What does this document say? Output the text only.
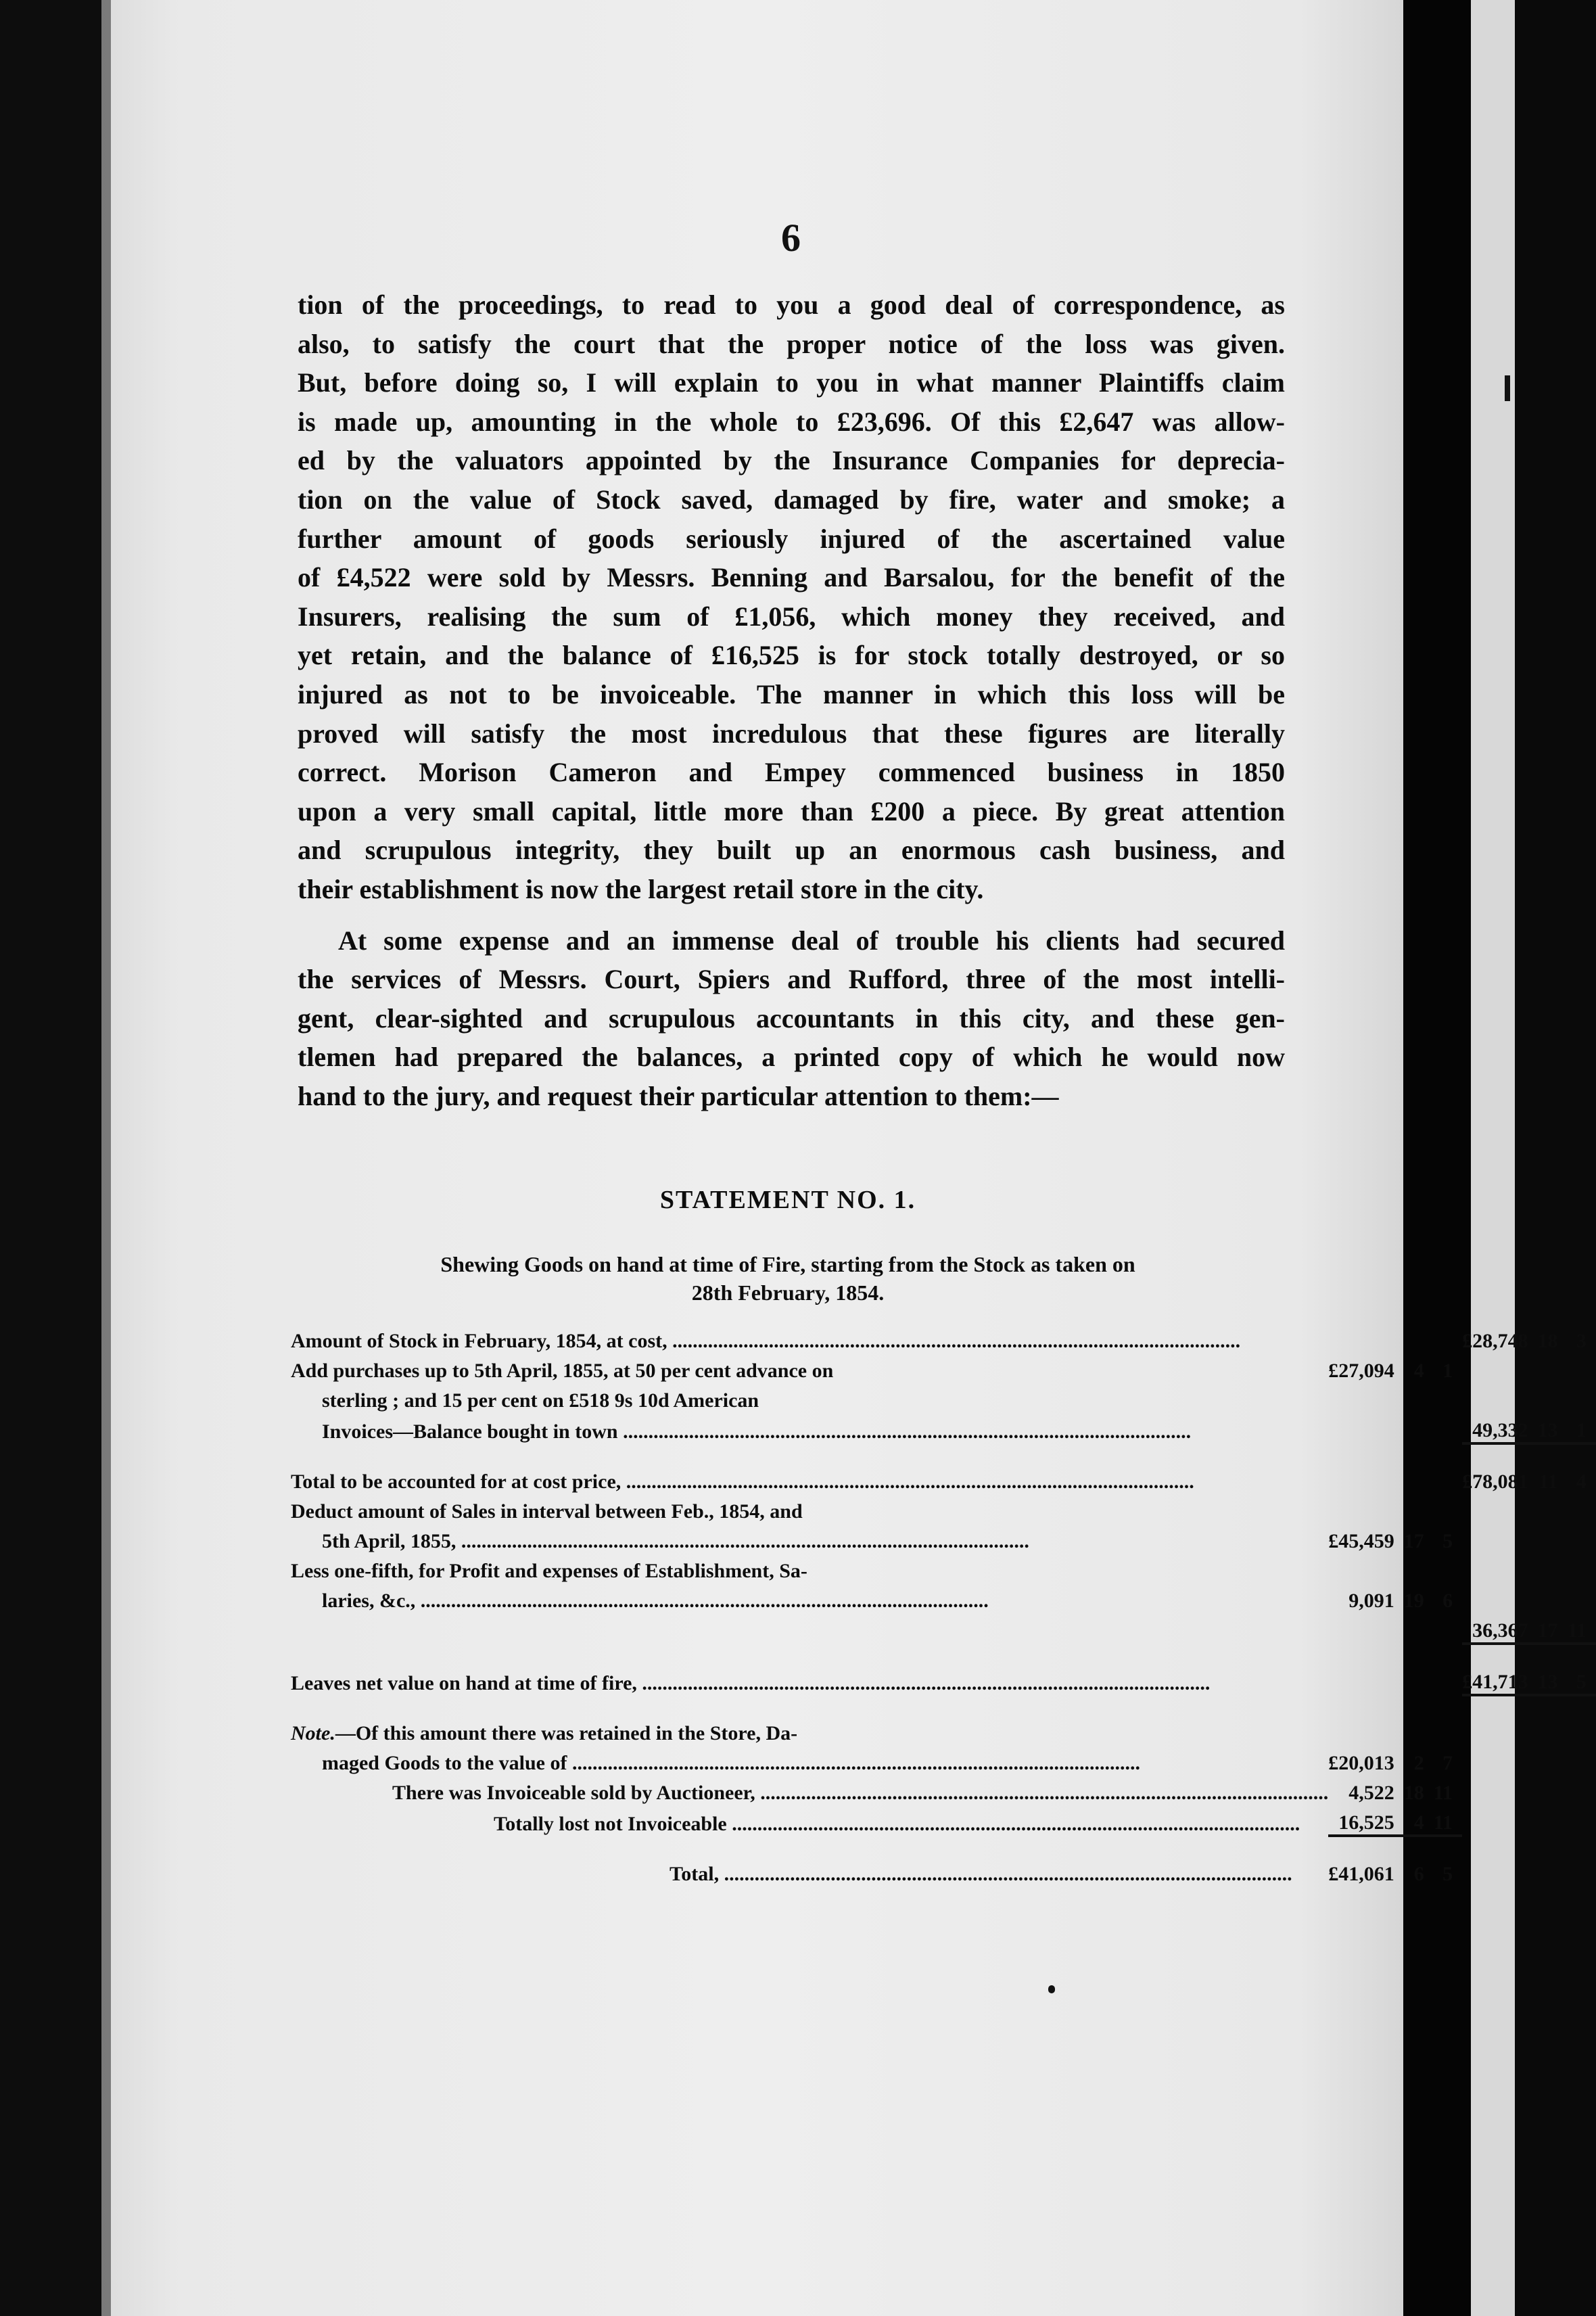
6

tion of the proceedings, to read to you a good deal of correspondence, as

also, to satisfy the court that the proper notice of the loss was given.

But, before doing so, I will explain to you in what manner Plaintiffs claim

is made up, amounting in the whole to £23,696. Of this £2,647 was allow-

ed by the valuators appointed by the Insurance Companies for deprecia-

tion on the value of Stock saved, damaged by fire, water and smoke; a

further amount of goods seriously injured of the ascertained value

of £4,522 were sold by Messrs. Benning and Barsalou, for the benefit of the

Insurers, realising the sum of £1,056, which money they received, and

yet retain, and the balance of £16,525 is for stock totally destroyed, or so

injured as not to be invoiceable. The manner in which this loss will be

proved will satisfy the most incredulous that these figures are literally

correct. Morison Cameron and Empey commenced business in 1850

upon a very small capital, little more than £200 a piece. By great attention

and scrupulous integrity, they built up an enormous cash business, and

their establishment is now the largest retail store in the city.

At some expense and an immense deal of trouble his clients had secured

the services of Messrs. Court, Spiers and Rufford, three of the most intelli-

gent, clear-sighted and scrupulous accountants in this city, and these gen-

tlemen had prepared the balances, a printed copy of which he would now

hand to the jury, and request their particular attention to them:—

STATEMENT NO. 1.
Shewing Goods on hand at time of Fire, starting from the Stock as taken on
28th February, 1854.
Amount of Stock in February, 1854, at cost, .....				£28,748	18	3
Add purchases up to 5th April, 1855, at 50 per cent advance on	£27,094	4	1			
sterling ; and 15 per cent on £518 9s 10d American						
Invoices—Balance bought in town .....				49,332	13	1

Total to be accounted for at cost price, .....				£78,081	11	4
Deduct amount of Sales in interval between Feb., 1854, and						
5th April, 1855, .....	£45,459	17	5			
Less one-fifth, for Profit and expenses of Establishment, Sa-						
laries, &c., .....	9,091	19	6			
				36,367	17	11

Leaves net value on hand at time of fire, .....				£41,713	13	5

Note.—Of this amount there was retained in the Store, Da-						
maged Goods to the value of .....	£20,013	2	7			
There was Invoiceable sold by Auctioneer, .....	4,522	18	11			
Totally lost not Invoiceable .....	16,525	4	11			

Total, .....	£41,061	6	5			
